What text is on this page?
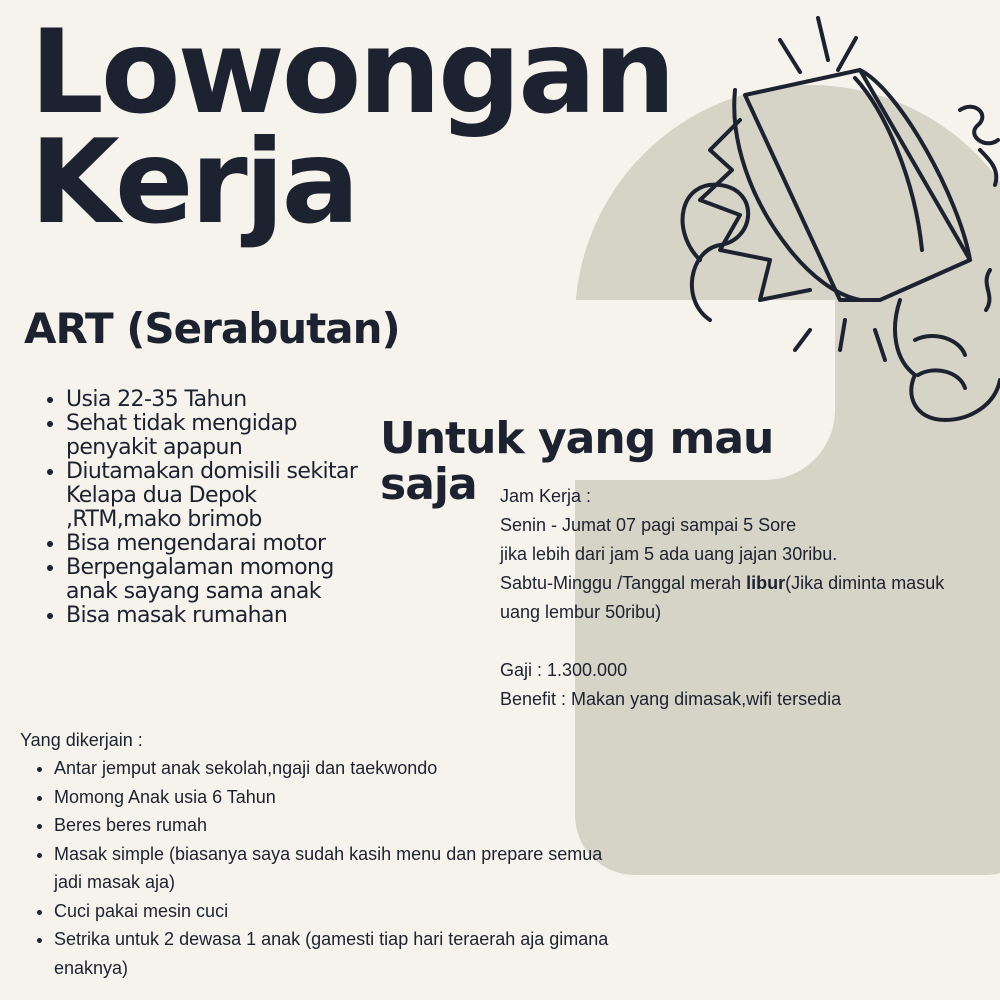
Lowongan
Kerja
ART (Serabutan)
• Usia 22-35 Tahun
• Sehat tidak mengidap penyakit apapun
• Diutamakan domisili sekitar Kelapa dua Depok ,RTM,mako brimob
• Bisa mengendarai motor
• Berpengalaman momong anak sayang sama anak
• Bisa masak rumahan
Untuk yang mau saja	Jam Kerja :

Senin - Jumat 07 pagi sampai 5 Sore

jika lebih dari jam 5 ada uang jajan 30ribu.

Sabtu-Minggu /Tanggal merah libur(Jika diminta masuk uang lembur 50ribu)

Gaji : 1.300.000

Benefit : Makan yang dimasak,wifi tersedia

Yang dikerjain :

• Antar jemput anak sekolah,ngaji dan taekwondo
• Momong Anak usia 6 Tahun
• Beres beres rumah
• Masak simple (biasanya saya sudah kasih menu dan prepare semua jadi masak aja)
• Cuci pakai mesin cuci
• Setrika untuk 2 dewasa 1 anak (gamesti tiap hari teraerah aja gimana enaknya)
